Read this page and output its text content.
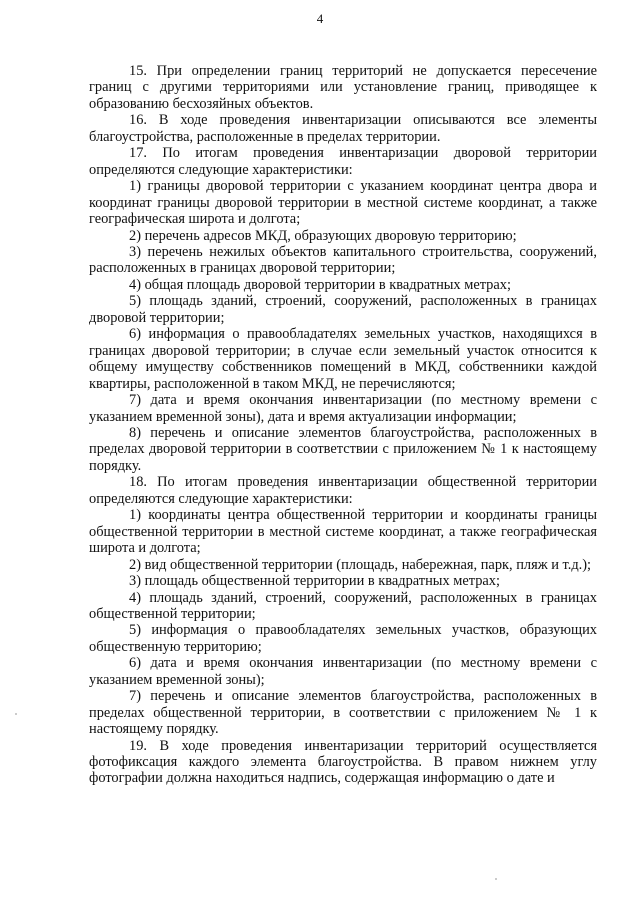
4

15. При определении границ территорий не допускается пересечение границ с другими территориями или установление границ, приводящее к образованию бесхозяйных объектов.

16. В ходе проведения инвентаризации описываются все элементы благоустройства, расположенные в пределах территории.

17. По итогам проведения инвентаризации дворовой территории определяются следующие характеристики:

1) границы дворовой территории с указанием координат центра двора и координат границы дворовой территории в местной системе координат, а также географическая широта и долгота;

2) перечень адресов МКД, образующих дворовую территорию;

3) перечень нежилых объектов капитального строительства, сооружений, расположенных в границах дворовой территории;

4) общая площадь дворовой территории в квадратных метрах;

5) площадь зданий, строений, сооружений, расположенных в границах дворовой территории;

6) информация о правообладателях земельных участков, находящихся в границах дворовой территории; в случае если земельный участок относится к общему имуществу собственников помещений в МКД, собственники каждой квартиры, расположенной в таком МКД, не перечисляются;

7) дата и время окончания инвентаризации (по местному времени с указанием временной зоны), дата и время актуализации информации;

8) перечень и описание элементов благоустройства, расположенных в пределах дворовой территории в соответствии с приложением № 1 к настоящему порядку.

18. По итогам проведения инвентаризации общественной территории определяются следующие характеристики:

1) координаты центра общественной территории и координаты границы общественной территории в местной системе координат, а также географическая широта и долгота;

2) вид общественной территории (площадь, набережная, парк, пляж и т.д.);

3) площадь общественной территории в квадратных метрах;

4) площадь зданий, строений, сооружений, расположенных в границах общественной территории;

5) информация о правообладателях земельных участков, образующих общественную территорию;

6) дата и время окончания инвентаризации (по местному времени с указанием временной зоны);

7) перечень и описание элементов благоустройства, расположенных в пределах общественной территории, в соответствии с приложением № 1 к настоящему порядку.

19. В ходе проведения инвентаризации территорий осуществляется фотофиксация каждого элемента благоустройства. В правом нижнем углу фотографии должна находиться надпись, содержащая информацию о дате и
